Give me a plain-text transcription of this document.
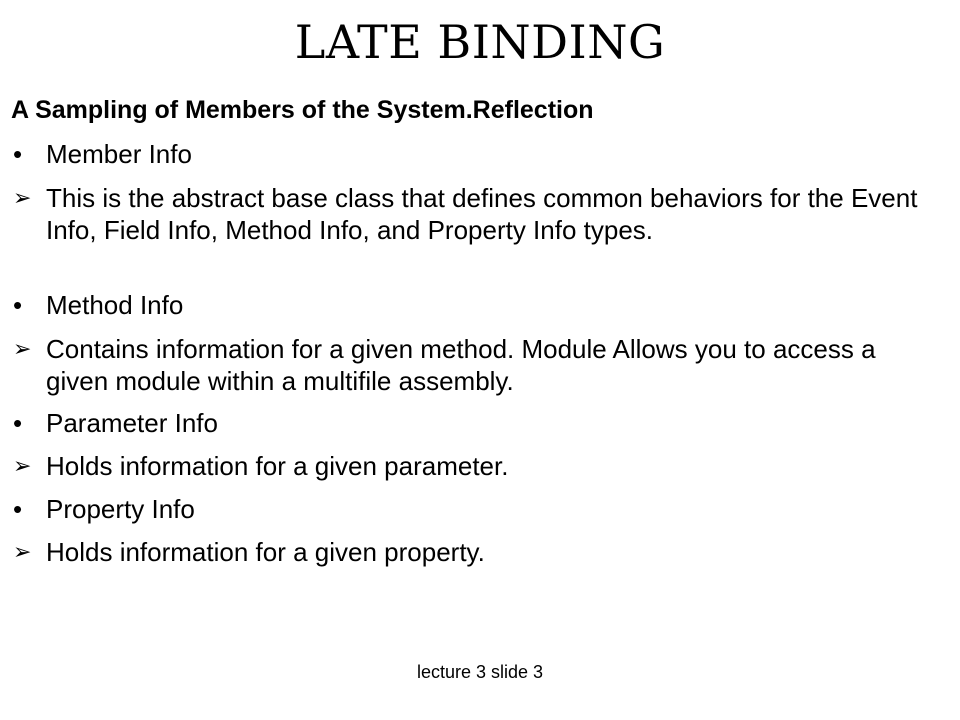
LATE BINDING
A Sampling of Members of the System.Reflection
• Member Info
➢ This is the abstract base class that defines common behaviors for the Event Info, Field Info, Method Info, and Property Info types.
• Method Info
➢ Contains information for a given method. Module Allows you to access a given module within a multifile assembly.
• Parameter Info
➢ Holds information for a given parameter.
• Property Info
➢ Holds information for a given property.
lecture 3 slide 3
